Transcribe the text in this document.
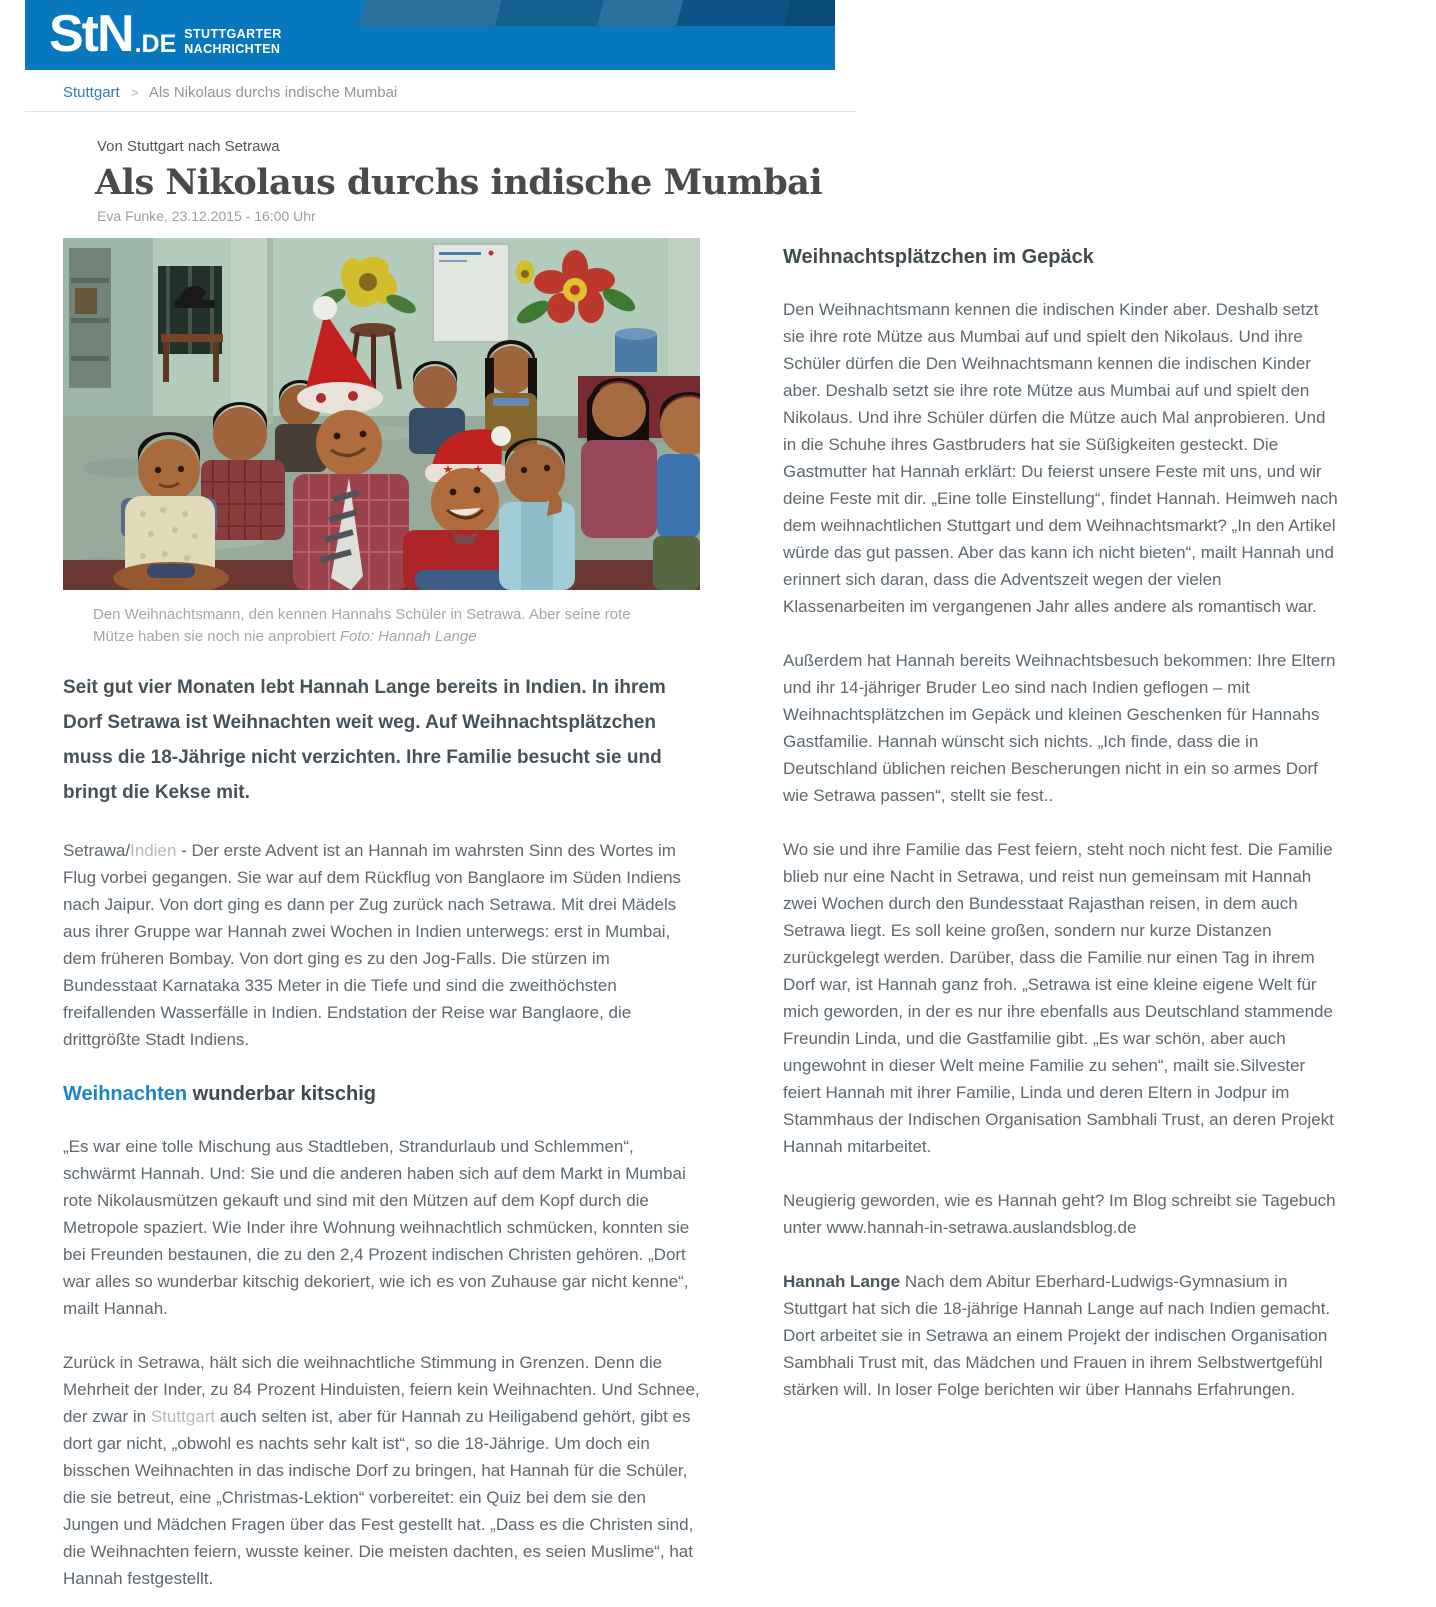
StN .DE STUTTGARTER
NACHRICHTEN
Stuttgart > Als Nikolaus durchs indische Mumbai
Von Stuttgart nach Setrawa
Als Nikolaus durchs indische Mumbai
Eva Funke, 23.12.2015 - 16:00 Uhr
Den Weihnachtsmann, den kennen Hannahs Schüler in Setrawa. Aber seine rote Mütze haben sie noch nie anprobiert Foto: Hannah Lange

Seit gut vier Monaten lebt Hannah Lange bereits in Indien. In ihrem Dorf Setrawa ist Weihnachten weit weg. Auf Weihnachtsplätzchen muss die 18-Jährige nicht verzichten. Ihre Familie besucht sie und bringt die Kekse mit.

Setrawa/Indien - Der erste Advent ist an Hannah im wahrsten Sinn des Wortes im Flug vorbei gegangen. Sie war auf dem Rückflug von Banglaore im Süden Indiens nach Jaipur. Von dort ging es dann per Zug zurück nach Setrawa. Mit drei Mädels aus ihrer Gruppe war Hannah zwei Wochen in Indien unterwegs: erst in Mumbai, dem früheren Bombay. Von dort ging es zu den Jog-Falls. Die stürzen im Bundesstaat Karnataka 335 Meter in die Tiefe und sind die zweithöchsten freifallenden Wasserfälle in Indien. Endstation der Reise war Banglaore, die drittgrößte Stadt Indiens.

Weihnachten wunderbar kitschig

„Es war eine tolle Mischung aus Stadtleben, Strandurlaub und Schlemmen“, schwärmt Hannah. Und: Sie und die anderen haben sich auf dem Markt in Mumbai rote Nikolausmützen gekauft und sind mit den Mützen auf dem Kopf durch die Metropole spaziert. Wie Inder ihre Wohnung weihnachtlich schmücken, konnten sie bei Freunden bestaunen, die zu den 2,4 Prozent indischen Christen gehören. „Dort war alles so wunderbar kitschig dekoriert, wie ich es von Zuhause gar nicht kenne“, mailt Hannah.

Zurück in Setrawa, hält sich die weihnachtliche Stimmung in Grenzen. Denn die Mehrheit der Inder, zu 84 Prozent Hinduisten, feiern kein Weihnachten. Und Schnee, der zwar in Stuttgart auch selten ist, aber für Hannah zu Heiligabend gehört, gibt es dort gar nicht, „obwohl es nachts sehr kalt ist“, so die 18-Jährige. Um doch ein bisschen Weihnachten in das indische Dorf zu bringen, hat Hannah für die Schüler, die sie betreut, eine „Christmas-Lektion“ vorbereitet: ein Quiz bei dem sie den Jungen und Mädchen Fragen über das Fest gestellt hat. „Dass es die Christen sind, die Weihnachten feiern, wusste keiner. Die meisten dachten, es seien Muslime“, hat Hannah festgestellt.

Weihnachtsplätzchen im Gepäck

Den Weihnachtsmann kennen die indischen Kinder aber. Deshalb setzt sie ihre rote Mütze aus Mumbai auf und spielt den Nikolaus. Und ihre Schüler dürfen die Den Weihnachtsmann kennen die indischen Kinder aber. Deshalb setzt sie ihre rote Mütze aus Mumbai auf und spielt den Nikolaus. Und ihre Schüler dürfen die Mütze auch Mal anprobieren. Und in die Schuhe ihres Gastbruders hat sie Süßigkeiten gesteckt. Die Gastmutter hat Hannah erklärt: Du feierst unsere Feste mit uns, und wir deine Feste mit dir. „Eine tolle Einstellung“, findet Hannah. Heimweh nach dem weihnachtlichen Stuttgart und dem Weihnachtsmarkt? „In den Artikel würde das gut passen. Aber das kann ich nicht bieten“, mailt Hannah und erinnert sich daran, dass die Adventszeit wegen der vielen Klassenarbeiten im vergangenen Jahr alles andere als romantisch war.

Außerdem hat Hannah bereits Weihnachtsbesuch bekommen: Ihre Eltern und ihr 14-jähriger Bruder Leo sind nach Indien geflogen – mit Weihnachtsplätzchen im Gepäck und kleinen Geschenken für Hannahs Gastfamilie. Hannah wünscht sich nichts. „Ich finde, dass die in Deutschland üblichen reichen Bescherungen nicht in ein so armes Dorf wie Setrawa passen“, stellt sie fest..

Wo sie und ihre Familie das Fest feiern, steht noch nicht fest. Die Familie blieb nur eine Nacht in Setrawa, und reist nun gemeinsam mit Hannah zwei Wochen durch den Bundesstaat Rajasthan reisen, in dem auch Setrawa liegt. Es soll keine großen, sondern nur kurze Distanzen zurückgelegt werden. Darüber, dass die Familie nur einen Tag in ihrem Dorf war, ist Hannah ganz froh. „Setrawa ist eine kleine eigene Welt für mich geworden, in der es nur ihre ebenfalls aus Deutschland stammende Freundin Linda, und die Gastfamilie gibt. „Es war schön, aber auch ungewohnt in dieser Welt meine Familie zu sehen“, mailt sie.Silvester feiert Hannah mit ihrer Familie, Linda und deren Eltern in Jodpur im Stammhaus der Indischen Organisation Sambhali Trust, an deren Projekt Hannah mitarbeitet.

Neugierig geworden, wie es Hannah geht? Im Blog schreibt sie Tagebuch unter www.hannah-in-setrawa.auslandsblog.de

Hannah Lange Nach dem Abitur Eberhard-Ludwigs-Gymnasium in Stuttgart hat sich die 18-jährige Hannah Lange auf nach Indien gemacht. Dort arbeitet sie in Setrawa an einem Projekt der indischen Organisation Sambhali Trust mit, das Mädchen und Frauen in ihrem Selbstwertgefühl stärken will. In loser Folge berichten wir über Hannahs Erfahrungen.
